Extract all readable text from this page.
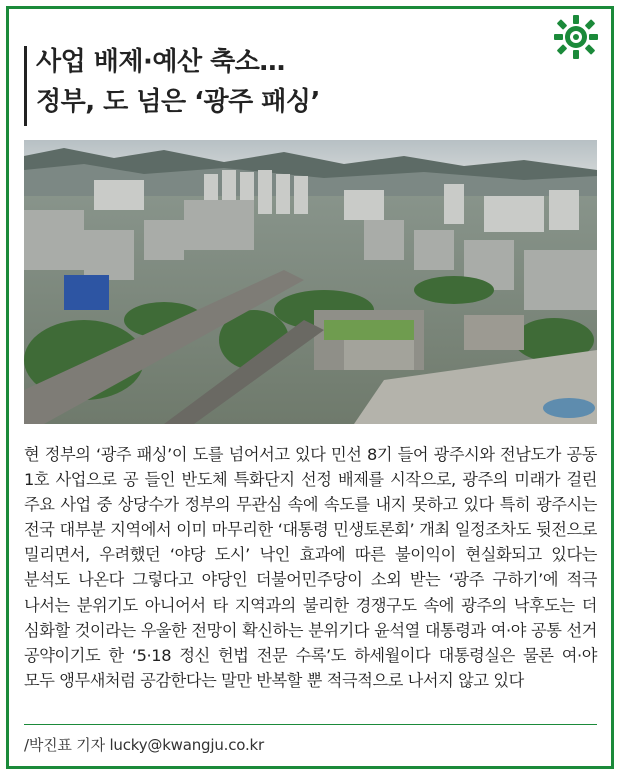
사업 배제·예산 축소…
정부, 도 넘은 ‘광주 패싱’
현 정부의 ‘광주 패싱’이 도를 넘어서고 있다 민선 8기 들어 광주시와 전남도가 공동 1호 사업으로 공 들인 반도체 특화단지 선정 배제를 시작으로, 광주의 미래가 걸린 주요 사업 중 상당수가 정부의 무관심 속에 속도를 내지 못하고 있다 특히 광주시는 전국 대부분 지역에서 이미 마무리한 ‘대통령 민생토론회’ 개최 일정조차도 뒷전으로 밀리면서, 우려했던 ‘야당 도시’ 낙인 효과에 따른 불이익이 현실화되고 있다는 분석도 나온다 그렇다고 야당인 더불어민주당이 소외 받는 ‘광주 구하기’에 적극 나서는 분위기도 아니어서 타 지역과의 불리한 경쟁구도 속에 광주의 낙후도는 더 심화할 것이라는 우울한 전망이 확신하는 분위기다 윤석열 대통령과 여·야 공통 선거 공약이기도 한 ‘5·18 정신 헌법 전문 수록’도 하세월이다 대통령실은 물론 여·야 모두 앵무새처럼 공감한다는 말만 반복할 뿐 적극적으로 나서지 않고 있다
/박진표 기자 lucky@kwangju.co.kr
